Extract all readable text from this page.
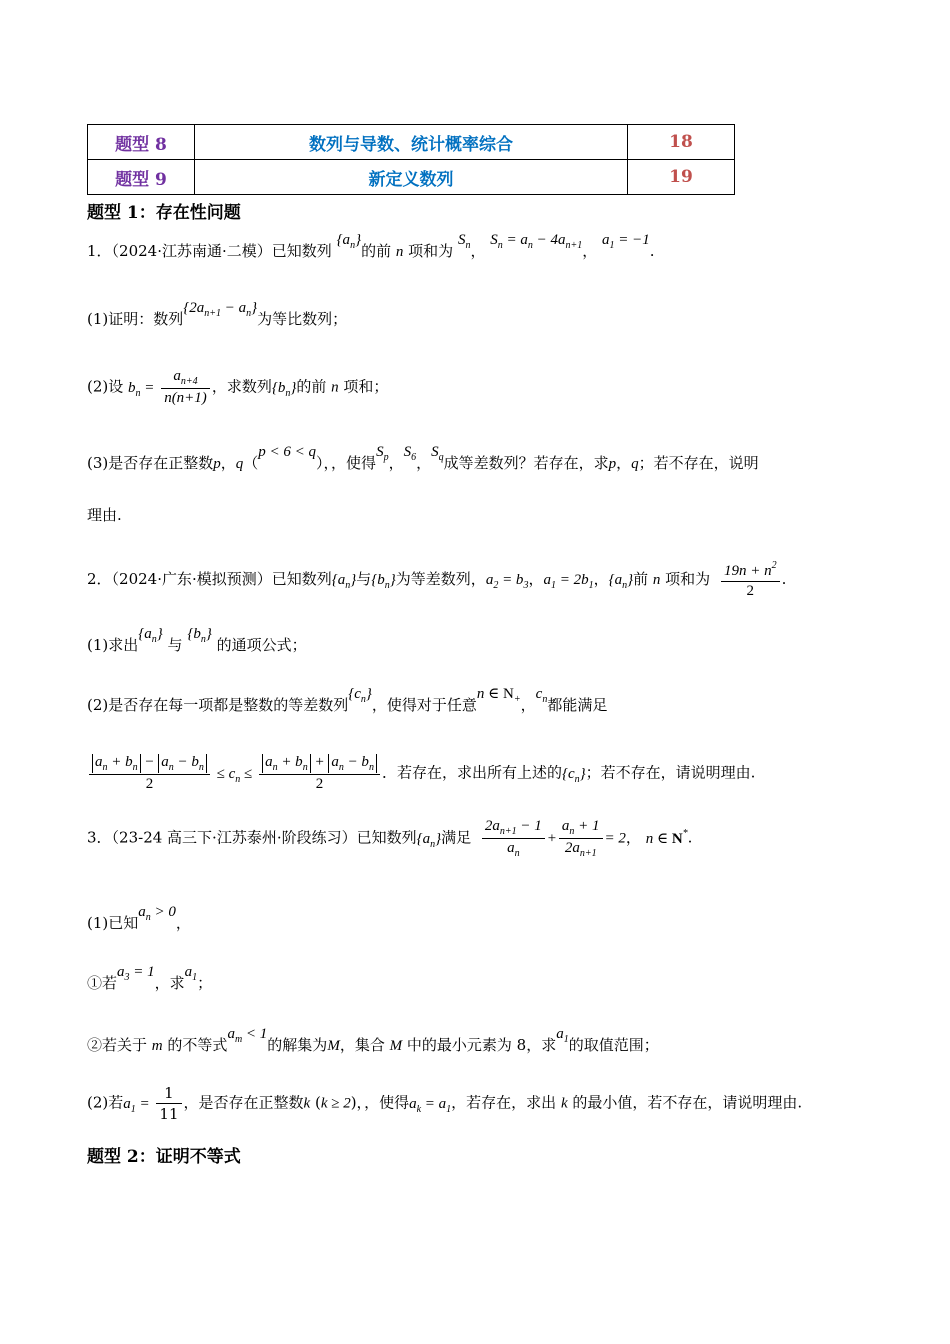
题型 8	数列与导数、统计概率综合	18
题型 9	新定义数列	19
题型 1：存在性问题
1．（2024·江苏南通·二模）已知数列 $\{a_n\}$的前 n 项和为 $S_n$， $S_n = a_n - 4a_{n+1}$， $a_1 = -1$.
(1)证明：数列$\{2a_{n+1} - a_n\}$为等比数列；
(2)设 $b_n = \frac{a_{n+4}}{n(n+1)}$ ，求数列$\{b_n\}$的前 n 项和；
(3)是否存在正整数p，q（p < 6 < q），，使得$S_p$，$S_6$，$S_q$成等差数列？若存在，求p，q；若不存在，说明
理由.
2．（2024·广东·模拟预测）已知数列$\{a_n\}$与$\{b_n\}$为等差数列，$a_2 = b_3$，$a_1 = 2b_1$，$\{a_n\}$前 n 项和为 $\frac{19n + n^2}{2}$ .
(1)求出$\{a_n\}$ 与 $\{b_n\}$ 的通项公式；
(2)是否存在每一项都是整数的等差数列$\{c_n\}$，使得对于任意n ∈ $N_+$，$c_n$都能满足
$\frac{a_n + b_n - a_n - b_n}{2} \le c_n \le \frac{a_n + b_n + a_n - b_n}{2}$ ．若存在，求出所有上述的$\{c_n\}$；若不存在，请说明理由.
3．（23-24 高三下·江苏泰州·阶段练习）已知数列$\{a_n\}$满足 $\frac{2a_{n+1} - 1}{a_n} + \frac{a_n + 1}{2a_{n+1}} = 2$， n ∈ N*.
(1)已知$a_n > 0$，
①若$a_3 = 1$，求$a_1$；
②若关于 m 的不等式$a_m < 1$的解集为M，集合 M 中的最小元素为 8，求$a_1$的取值范围；
(2)若$a_1 = \frac{1}{11}$ ，是否存在正整数k (k ≥ 2)，，使得$a_k = a_1$，若存在，求出 k 的最小值，若不存在，请说明理由.
题型 2：证明不等式
